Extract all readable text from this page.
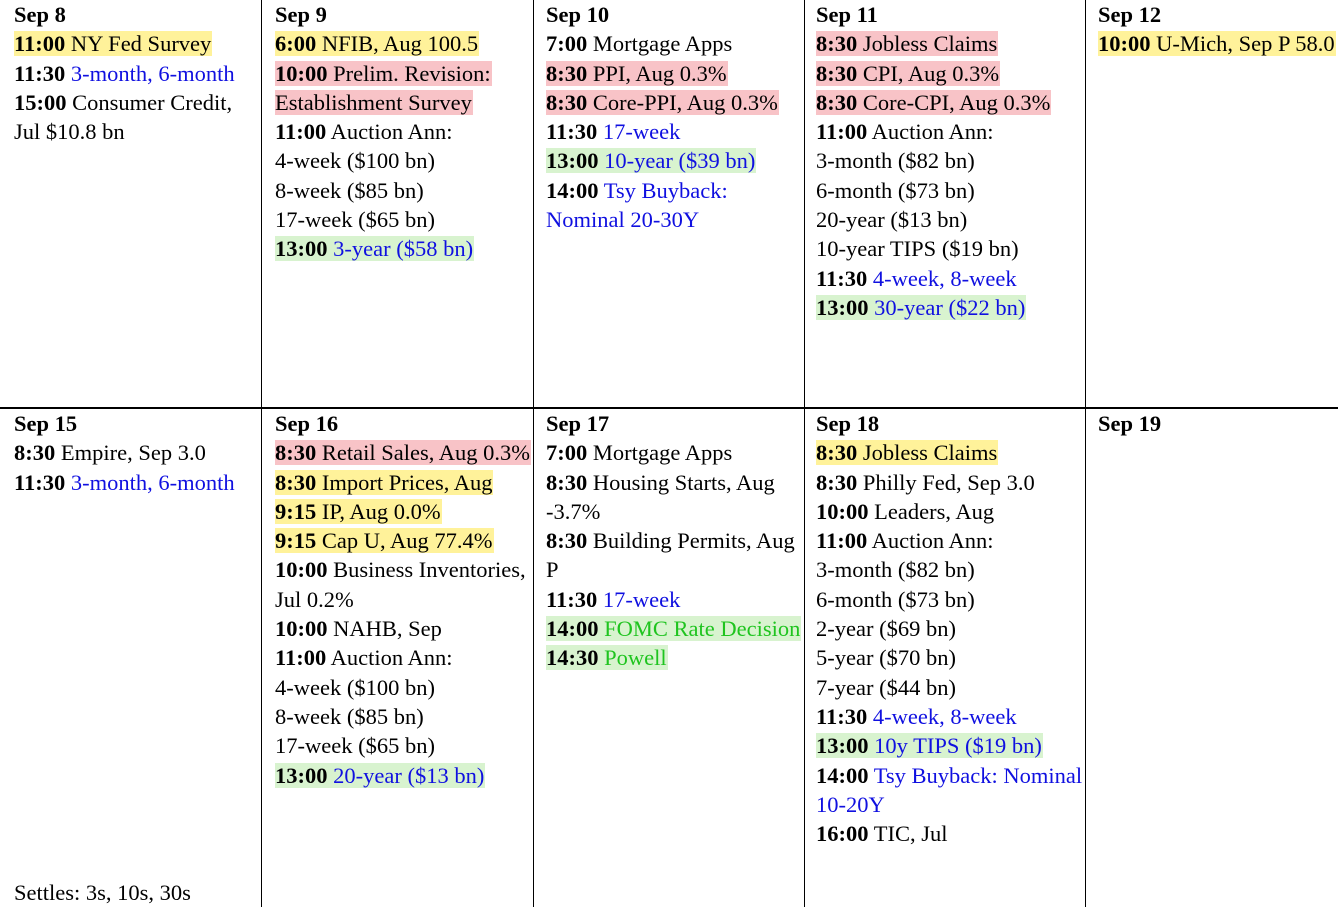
Sep 8
11:00 NY Fed Survey
11:30 3-month, 6-month
15:00 Consumer Credit, Jul $10.8 bn
Sep 9
6:00 NFIB, Aug 100.5
10:00 Prelim. Revision: Establishment Survey
11:00 Auction Ann:
4-week ($100 bn)
8-week ($85 bn)
17-week ($65 bn)
13:00 3-year ($58 bn)
Sep 10
7:00 Mortgage Apps
8:30 PPI, Aug 0.3%
8:30 Core-PPI, Aug 0.3%
11:30 17-week
13:00 10-year ($39 bn)
14:00 Tsy Buyback: Nominal 20-30Y
Sep 11
8:30 Jobless Claims
8:30 CPI, Aug 0.3%
8:30 Core-CPI, Aug 0.3%
11:00 Auction Ann:
3-month ($82 bn)
6-month ($73 bn)
20-year ($13 bn)
10-year TIPS ($19 bn)
11:30 4-week, 8-week
13:00 30-year ($22 bn)
Sep 12
10:00 U-Mich, Sep P 58.0
Sep 15
8:30 Empire, Sep 3.0
11:30 3-month, 6-month
Settles: 3s, 10s, 30s
Sep 16
8:30 Retail Sales, Aug 0.3%
8:30 Import Prices, Aug
9:15 IP, Aug 0.0%
9:15 Cap U, Aug 77.4%
10:00 Business Inventories, Jul 0.2%
10:00 NAHB, Sep
11:00 Auction Ann:
4-week ($100 bn)
8-week ($85 bn)
17-week ($65 bn)
13:00 20-year ($13 bn)
Sep 17
7:00 Mortgage Apps
8:30 Housing Starts, Aug -3.7%
8:30 Building Permits, Aug P
11:30 17-week
14:00 FOMC Rate Decision
14:30 Powell
Sep 18
8:30 Jobless Claims
8:30 Philly Fed, Sep 3.0
10:00 Leaders, Aug
11:00 Auction Ann:
3-month ($82 bn)
6-month ($73 bn)
2-year ($69 bn)
5-year ($70 bn)
7-year ($44 bn)
11:30 4-week, 8-week
13:00 10y TIPS ($19 bn)
14:00 Tsy Buyback: Nominal 10-20Y
16:00 TIC, Jul
Sep 19
